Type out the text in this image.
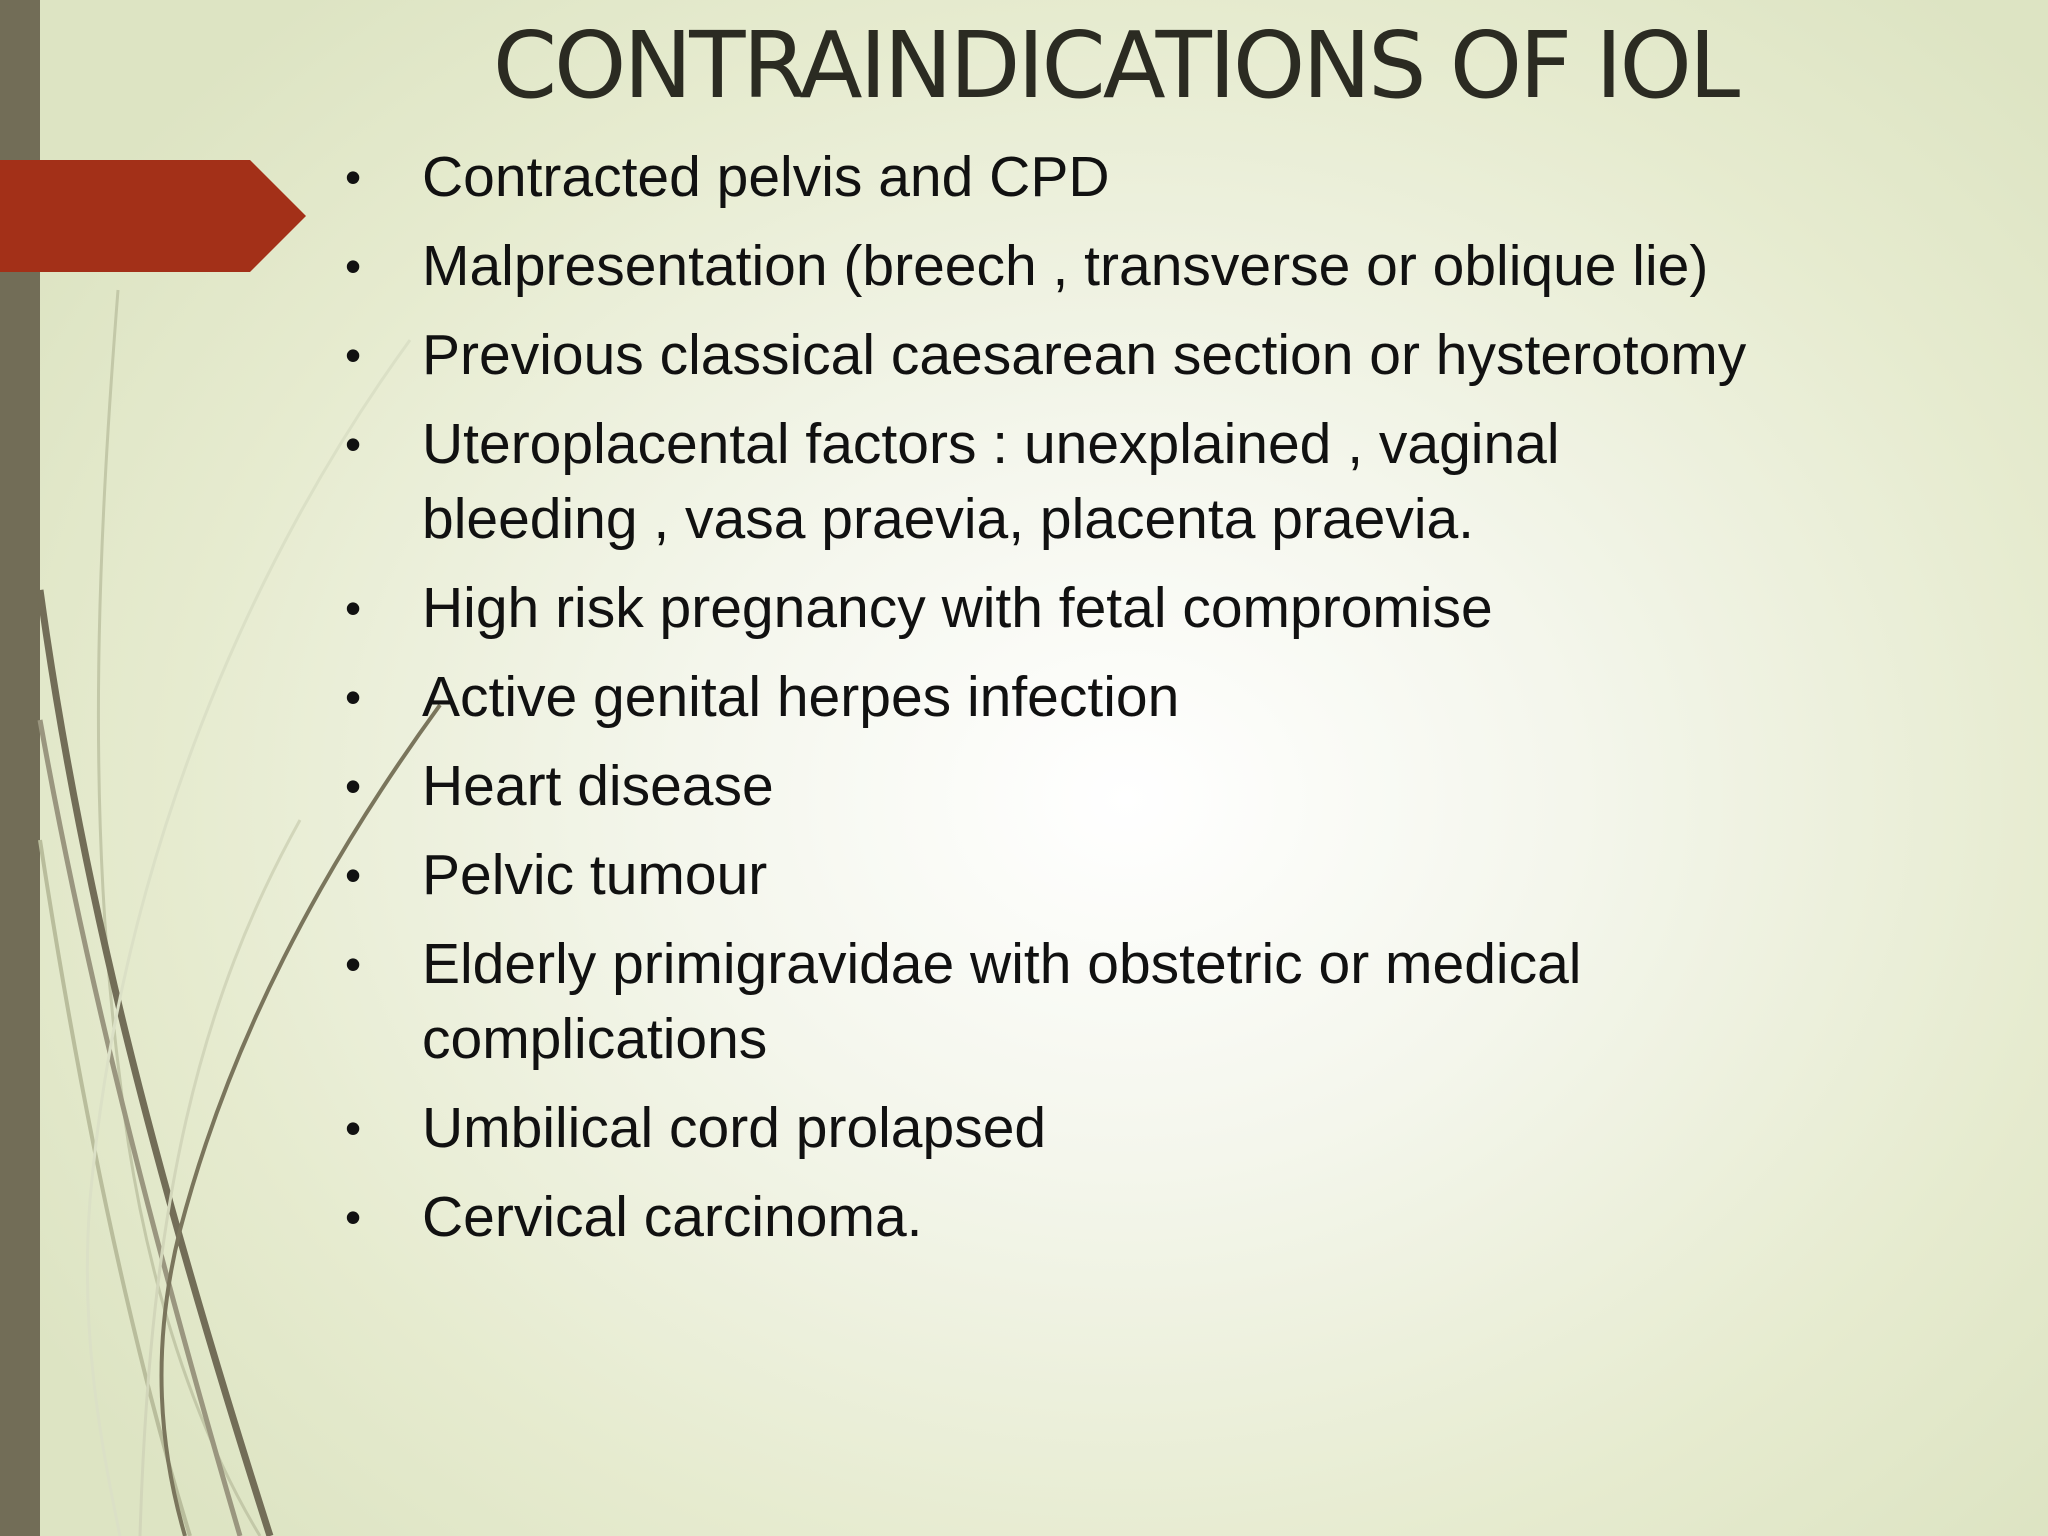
CONTRAINDICATIONS OF IOL
• Contracted pelvis and CPD
• Malpresentation (breech , transverse or oblique lie)
• Previous classical caesarean section or hysterotomy
• Uteroplacental factors : unexplained , vaginal bleeding , vasa praevia, placenta praevia.
• High risk pregnancy with fetal compromise
• Active genital herpes infection
• Heart disease
• Pelvic tumour
• Elderly primigravidae with obstetric or medical complications
• Umbilical cord prolapsed
• Cervical carcinoma.
